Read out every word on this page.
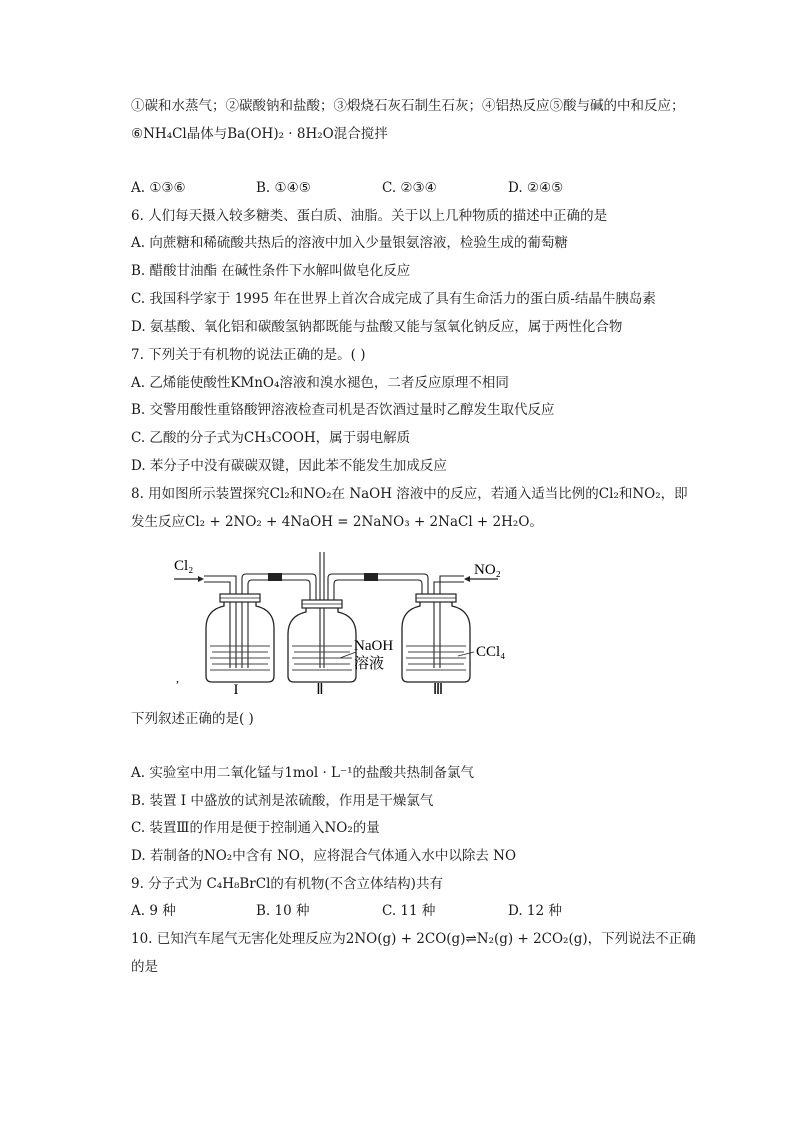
①碳和水蒸气；②碳酸钠和盐酸；③煅烧石灰石制生石灰；④铝热反应⑤酸与碱的中和反应；
⑥NH₄Cl晶体与Ba(OH)₂ · 8H₂O混合搅拌
A. ①③⑥	B. ①④⑤	C. ②③④	D. ②④⑤
6. 人们每天摄入较多糖类、蛋白质、油脂。关于以上几种物质的描述中正确的是
A. 向蔗糖和稀硫酸共热后的溶液中加入少量银氨溶液，检验生成的葡萄糖
B. 醋酸甘油酯 在碱性条件下水解叫做皂化反应
C. 我国科学家于 1995 年在世界上首次合成完成了具有生命活力的蛋白质-结晶牛胰岛素
D. 氨基酸、氧化铝和碳酸氢钠都既能与盐酸又能与氢氧化钠反应，属于两性化合物
7. 下列关于有机物的说法正确的是。( )
A. 乙烯能使酸性KMnO₄溶液和溴水褪色，二者反应原理不相同
B. 交警用酸性重铬酸钾溶液检查司机是否饮酒过量时乙醇发生取代反应
C. 乙酸的分子式为CH₃COOH，属于弱电解质
D. 苯分子中没有碳碳双键，因此苯不能发生加成反应
8. 用如图所示装置探究Cl₂和NO₂在 NaOH 溶液中的反应，若通入适当比例的Cl₂和NO₂，即
发生反应Cl₂ + 2NO₂ + 4NaOH = 2NaNO₃ + 2NaCl + 2H₂O。
Cl₂	NO₂
NaOH
溶液
CCl₄
I	Ⅱ	Ⅲ
,
下列叙述正确的是( )
A. 实验室中用二氧化锰与1mol · L⁻¹的盐酸共热制备氯气
B. 装置 I 中盛放的试剂是浓硫酸，作用是干燥氯气
C. 装置Ⅲ的作用是便于控制通入NO₂的量
D. 若制备的NO₂中含有 NO，应将混合气体通入水中以除去 NO
9. 分子式为 C₄H₈BrCl的有机物(不含立体结构)共有
A. 9 种	B. 10 种	C. 11 种	D. 12 种
10. 已知汽车尾气无害化处理反应为2NO(g) + 2CO(g)⇌N₂(g) + 2CO₂(g)，下列说法不正确
的是
